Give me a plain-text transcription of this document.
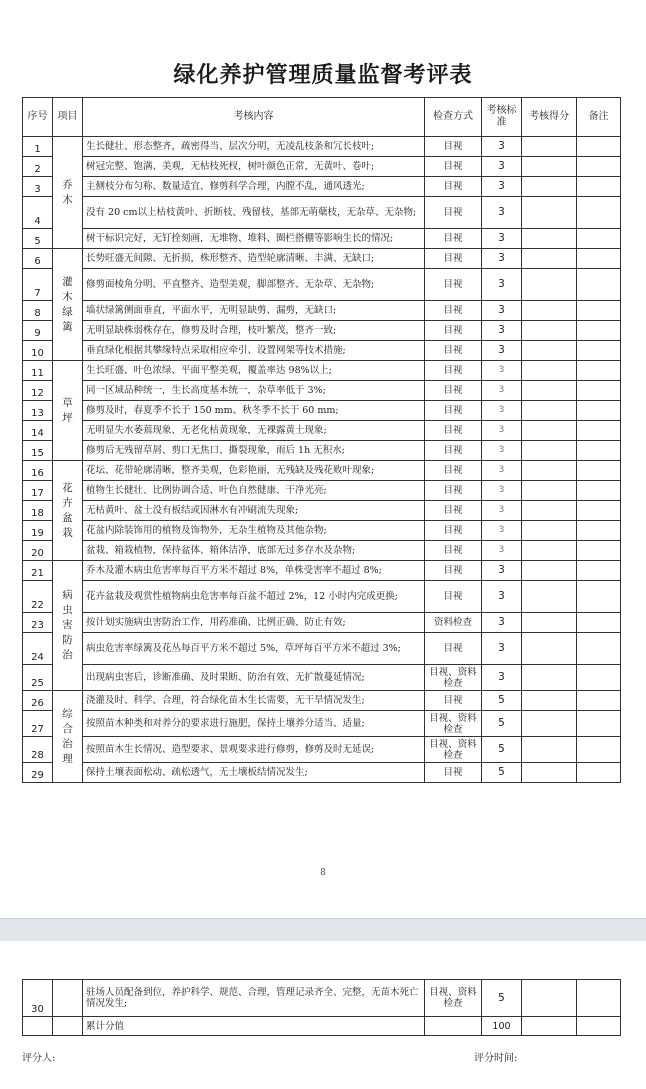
绿化养护管理质量监督考评表
序号	项目	考核内容	检查方式	考核标准	考核得分	备注
1	乔木	生长健壮、形态整齐，疏密得当、层次分明，无凌乱枝条和冗长枝叶;	目视	3		
2		树冠完整、饱满、美观，无枯枝死杈，树叶颜色正常，无黄叶、卷叶;	目视	3		
3		主侧枝分布匀称、数量适宜、修剪科学合理，内膛不乱，通风透光;	目视	3		
4		没有 20 cm以上枯枝黄叶、折断枝、残留枝，基部无萌蘖枝，无杂草、无杂物;	目视	3		
5		树干标识完好，无钉拴刻画，无堆物、堆料、圈栏搭棚等影响生长的情况;	目视	3		
6	灌木绿篱	长势旺盛无间隙、无折损，株形整齐、造型轮廓清晰、丰满、无缺口;	目视	3		
7		修剪面棱角分明、平直整齐、造型美观，脚部整齐、无杂草、无杂物;	目视	3		
8		墙状绿篱侧面垂直，平面水平，无明显缺剪、漏剪，无缺口;	目视	3		
9		无明显缺株弱株存在，修剪及时合理，枝叶繁茂，整齐一致;	目视	3		
10		垂直绿化根据其攀缘特点采取相应牵引、设置网架等技术措施;	目视	3		
11	草坪	生长旺盛、叶色浓绿、平面平整美观，覆盖率达 98%以上;	目视	3		
12		同一区域品种统一，生长高度基本统一，杂草率低于 3%;	目视	3		
13		修剪及时，春夏季不长于 150 mm、秋冬季不长于 60 mm;	目视	3		
14		无明显失水萎蔫现象、无老化枯黄现象，无裸露黄土现象;	目视	3		
15		修剪后无残留草屑、剪口无焦口、撕裂现象，雨后 1h 无积水;	目视	3		
16	花卉盆栽	花坛、花带轮廓清晰，整齐美观，色彩艳丽，无残缺及残花败叶现象;	目视	3		
17		植物生长健壮、比例协调合适、叶色自然健康、干净光亮;	目视	3		
18		无枯黄叶、盆土没有板结或因淋水有冲刷流失现象;	目视	3		
19		花盆内除装饰用的植物及饰物外，无杂生植物及其他杂物;	目视	3		
20		盆栽、箱栽植物，保持盆体、箱体洁净，底部无过多存水及杂物;	目视	3		
21	病虫害防治	乔木及灌木病虫危害率每百平方米不超过 8%，单株受害率不超过 8%;	目视	3		
22		花卉盆栽及观赏性植物病虫危害率每百盆不超过 2%，12 小时内完成更换;	目视	3		
23		按计划实施病虫害防治工作，用药准确、比例正确、防止有效;	资料检查	3		
24		病虫危害率绿篱及花丛每百平方米不超过 5%，草坪每百平方米不超过 3%;	目视	3		
25		出现病虫害后，诊断准确、及时果断、防治有效、无扩散蔓延情况;	目视、资料检查	3		
26	综合治理	浇灌及时、科学、合理，符合绿化苗木生长需要，无干旱情况发生;	目视	5		
27		按照苗木种类和对养分的要求进行施肥，保持土壤养分适当、适量;	目视、资料检查	5		
28		按照苗木生长情况、造型要求、景观要求进行修剪，修剪及时无延误;	目视、资料检查	5		
29		保持土壤表面松动、疏松透气，无土壤板结情况发生;	目视	5		
8
30		驻场人员配备到位，养护科学、规范、合理，管理记录齐全、完整，无苗木死亡情况发生;	目视、资料检查	5		
		累计分值		100		
评分人:	评分时间:
